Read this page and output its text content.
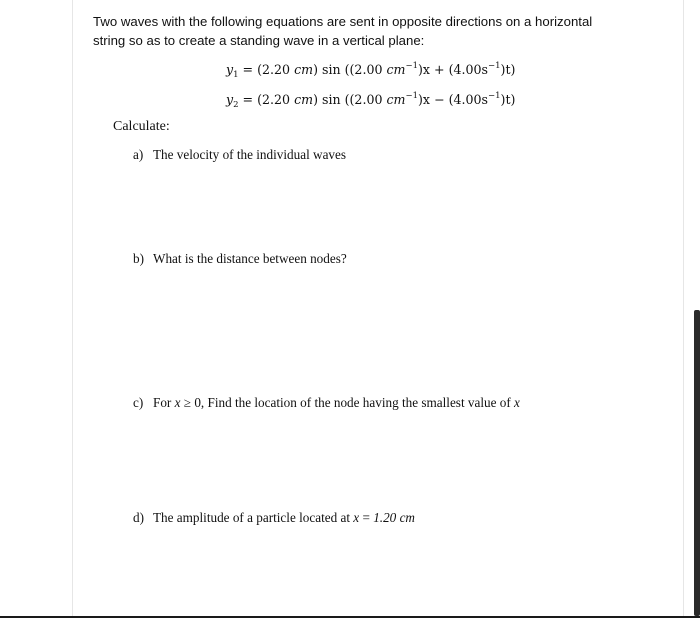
Two waves with the following equations are sent in opposite directions on a horizontal string so as to create a standing wave in a vertical plane:
$y_1 = (2.20$ cm) sin ((2.00 $cm^{-1})x + (4.00s^{-1})t$)
$y_2 = (2.20$ cm) sin ((2.00 $cm^{-1})x - (4.00s^{-1})t$)
Calculate:
a) The velocity of the individual waves
b) What is the distance between nodes?
c) For x ≥ 0, Find the location of the node having the smallest value of x
d) The amplitude of a particle located at x = 1.20 cm
